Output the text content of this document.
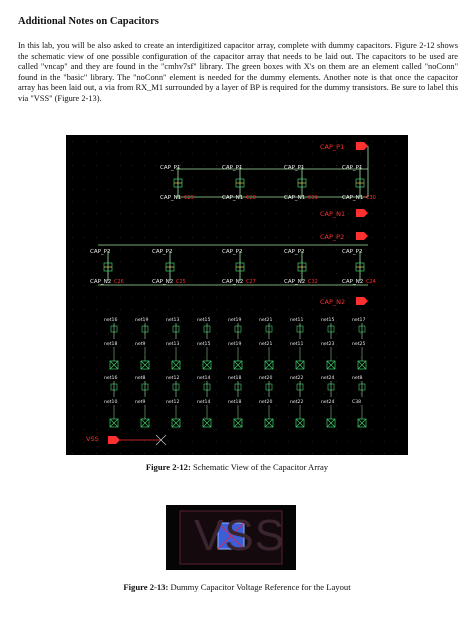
Additional Notes on Capacitors
In this lab, you will be also asked to create an interdigitized capacitor array, complete with dummy capacitors. Figure 2-12 shows the schematic view of one possible configuration of the capacitor array that needs to be laid out. The capacitors to be used are called "vncap" and they are found in the "cmhv7sf" library. The green boxes with X's on them are an element called "noConn" found in the "basic" library. The "noConn" element is needed for the dummy elements. Another note is that once the capacitor array has been laid out, a via from RX_M1 surrounded by a layer of BP is required for the dummy transistors. Be sure to label this via "VSS" (Figure 2-13).
CAP_P1
CAP_P1
CAP_N1 C29
CAP_P1
CAP_N1 C28
CAP_P1
CAP_N1 C31
CAP_P1
CAP_N1 C30
CAP_N1
CAP_P2
CAP_P2
CAP_N2 C26
CAP_P2
CAP_N2 C25
CAP_P2
CAP_N2 C27
CAP_P2
CAP_N2 C32
CAP_P2
CAP_N2 C24
CAP_N2
net16
net18
net19
net9
net13
net13
net15
net15
net19
net19
net21
net21
net11
net11
net15
net23
net17
net25
net16
net10
net8
net9
net12
net12
net14
net14
net18
net18
net20
net20
net22
net22
net24
net24
net8
C38
VSS
Figure 2-12: Schematic View of the Capacitor Array
VSS
Figure 2-13: Dummy Capacitor Voltage Reference for the Layout
